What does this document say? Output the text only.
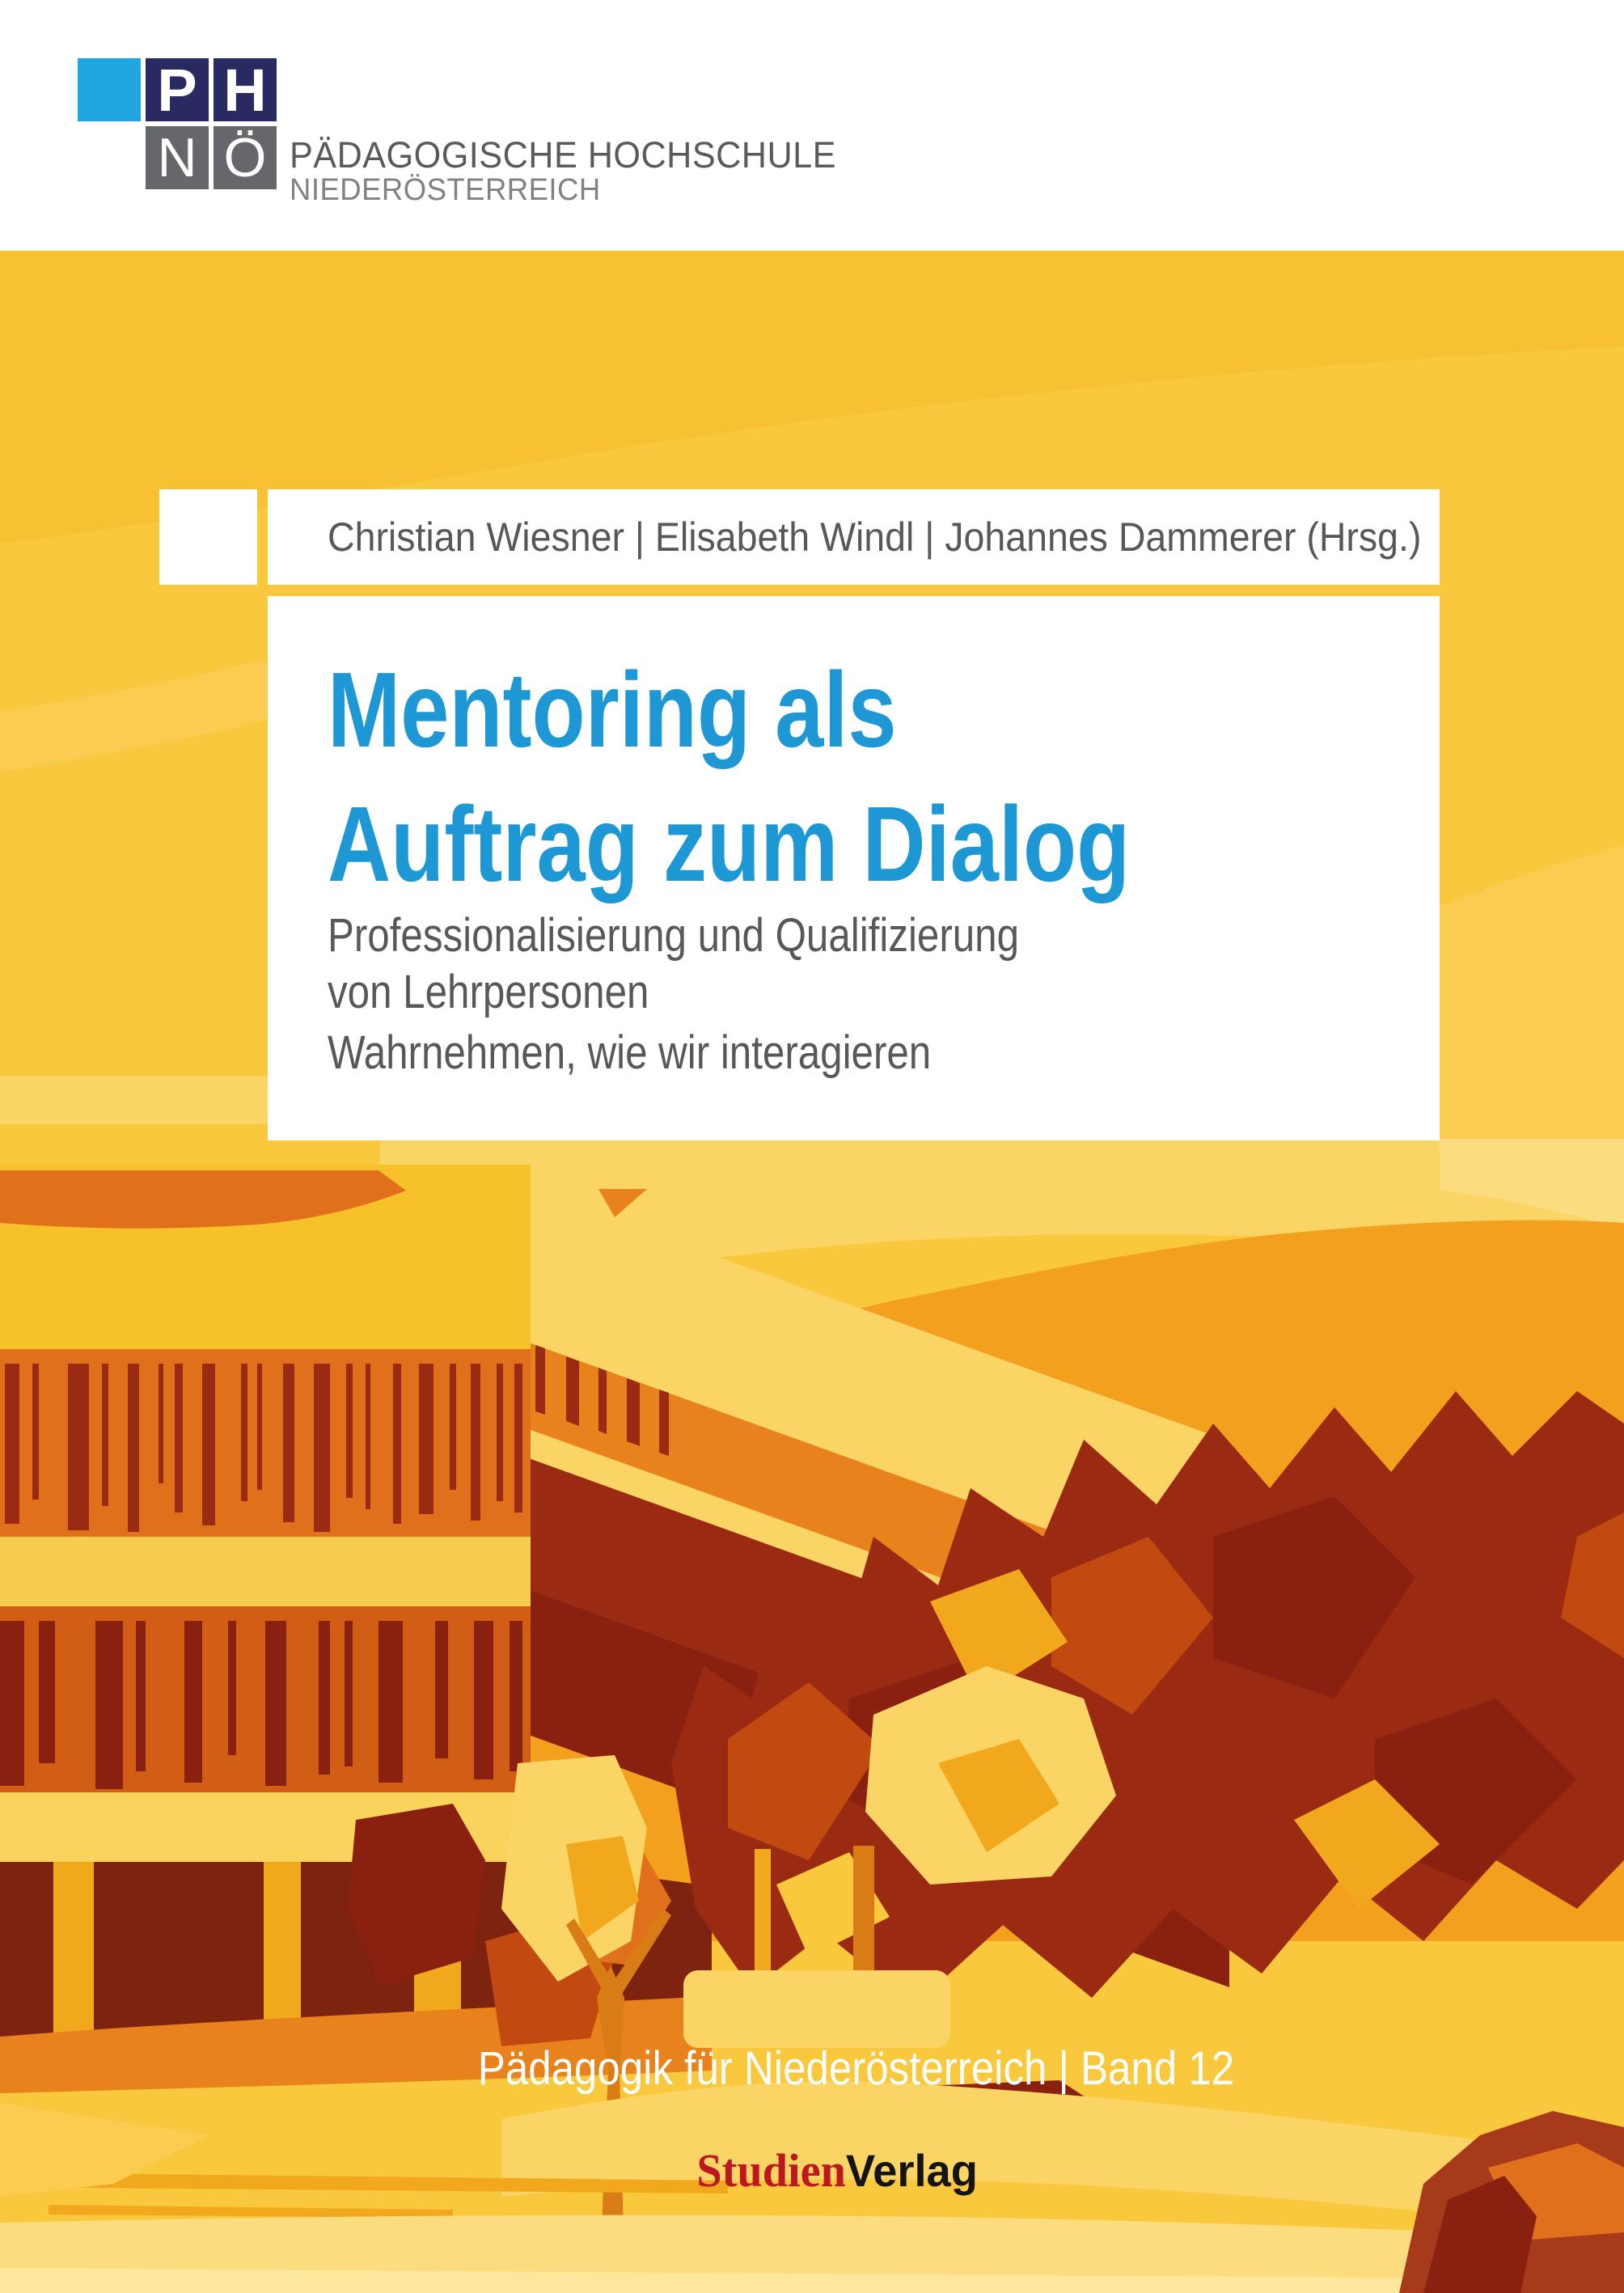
P H
N Ö PÄDAGOGISCHE HOCHSCHULE
NIEDERÖSTERREICH
Christian Wiesner | Elisabeth Windl | Johannes Dammerer (Hrsg.)
Mentoring als
Auftrag zum Dialog
Professionalisierung und Qualifizierung
von Lehrpersonen
Wahrnehmen, wie wir interagieren
Pädagogik für Niederösterreich | Band 12
StudienVerlag
